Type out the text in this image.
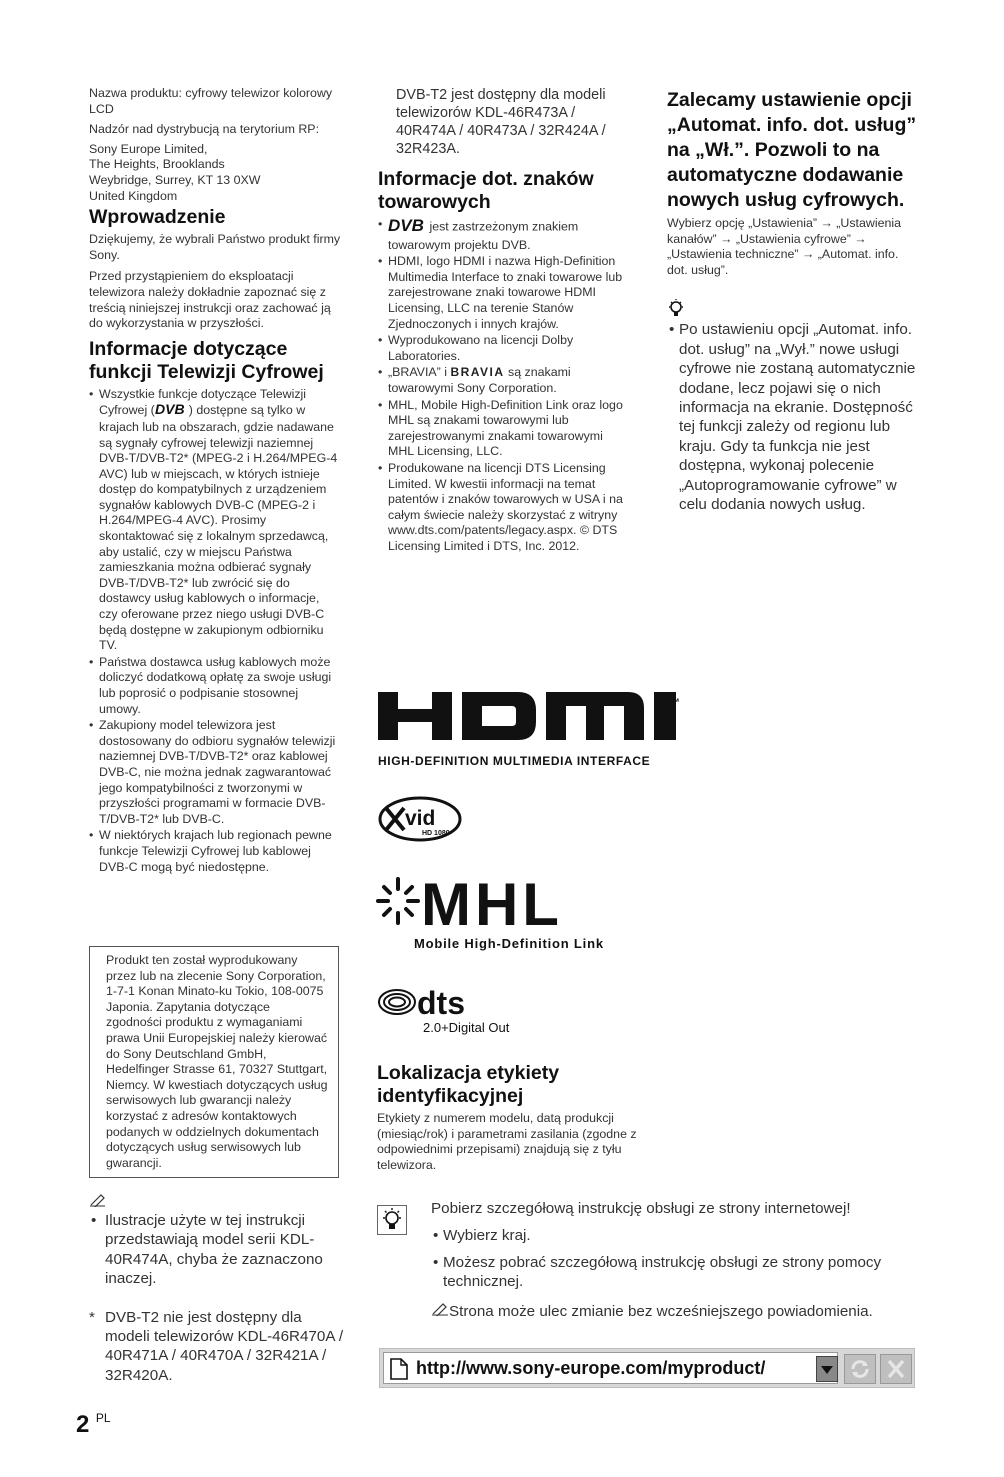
Nazwa produktu: cyfrowy telewizor kolorowy LCD

Nadzór nad dystrybucją na terytorium RP:

Sony Europe Limited,
The Heights, Brooklands
Weybridge, Surrey, KT 13 0XW
United Kingdom
Wprowadzenie

Dziękujemy, że wybrali Państwo produkt firmy Sony.

Przed przystąpieniem do eksploatacji telewizora należy dokładnie zapoznać się z treścią niniejszej instrukcji oraz zachować ją do wykorzystania w przyszłości.

Informacje dotyczące funkcji Telewizji Cyfrowej
• Wszystkie funkcje dotyczące Telewizji Cyfrowej ( DVB ) dostępne są tylko w krajach lub na obszarach, gdzie nadawane są sygnały cyfrowej telewizji naziemnej DVB-T/DVB-T2* (MPEG-2 i H.264/MPEG-4 AVC) lub w miejscach, w których istnieje dostęp do kompatybilnych z urządzeniem sygnałów kablowych DVB-C (MPEG-2 i H.264/MPEG-4 AVC). Prosimy skontaktować się z lokalnym sprzedawcą, aby ustalić, czy w miejscu Państwa zamieszkania można odbierać sygnały DVB-T/DVB-T2* lub zwrócić się do dostawcy usług kablowych o informacje, czy oferowane przez niego usługi DVB-C będą dostępne w zakupionym odbiorniku TV.
• Państwa dostawca usług kablowych może doliczyć dodatkową opłatę za swoje usługi lub poprosić o podpisanie stosownej umowy.
• Zakupiony model telewizora jest dostosowany do odbioru sygnałów telewizji naziemnej DVB-T/DVB-T2* oraz kablowej DVB-C, nie można jednak zagwarantować jego kompatybilności z tworzonymi w przyszłości programami w formacie DVB-T/DVB-T2* lub DVB-C.
• W niektórych krajach lub regionach pewne funkcje Telewizji Cyfrowej lub kablowej DVB-C mogą być niedostępne.

Produkt ten został wyprodukowany przez lub na zlecenie Sony Corporation, 1-7-1 Konan Minato-ku Tokio, 108-0075 Japonia. Zapytania dotyczące zgodności produktu z wymaganiami prawa Unii Europejskiej należy kierować do Sony Deutschland GmbH, Hedelfinger Strasse 61, 70327 Stuttgart, Niemcy. W kwestiach dotyczących usług serwisowych lub gwarancji należy korzystać z adresów kontaktowych podanych w oddzielnych dokumentach dotyczących usług serwisowych lub gwarancji.

• Ilustracje użyte w tej instrukcji przedstawiają model serii KDL-40R474A, chyba że zaznaczono inaczej.
* DVB-T2 nie jest dostępny dla modeli telewizorów KDL-46R470A / 40R471A / 40R470A / 32R421A / 32R420A.

DVB-T2 jest dostępny dla modeli telewizorów KDL-46R473A / 40R474A / 40R473A / 32R424A / 32R423A.

Informacje dot. znaków towarowych
• DVB jest zastrzeżonym znakiem towarowym projektu DVB.
• HDMI, logo HDMI i nazwa High-Definition Multimedia Interface to znaki towarowe lub zarejestrowane znaki towarowe HDMI Licensing, LLC na terenie Stanów Zjednoczonych i innych krajów.
• Wyprodukowano na licencji Dolby Laboratories.
• „BRAVIA” i BRAVIA są znakami towarowymi Sony Corporation.
• MHL, Mobile High-Definition Link oraz logo MHL są znakami towarowymi lub zarejestrowanymi znakami towarowymi MHL Licensing, LLC.
• Produkowane na licencji DTS Licensing Limited. W kwestii informacji na temat patentów i znaków towarowych w USA i na całym świecie należy skorzystać z witryny www.dts.com/patents/legacy.aspx. © DTS Licensing Limited i DTS, Inc. 2012.
™
HIGH-DEFINITION MULTIMEDIA INTERFACE
vid
HD 1080
MHL
Mobile High-Definition Link
dts
2.0+Digital Out
Lokalizacja etykiety identyfikacyjnej

Etykiety z numerem modelu, datą produkcji (miesiąc/rok) i parametrami zasilania (zgodne z odpowiednimi przepisami) znajdują się z tyłu telewizora.

Zalecamy ustawienie opcji „Automat. info. dot. usług” na „Wł.”. Pozwoli to na automatyczne dodawanie nowych usług cyfrowych.

Wybierz opcję „Ustawienia” → „Ustawienia kanałów” → „Ustawienia cyfrowe” → „Ustawienia techniczne” → „Automat. info. dot. usług”.

• Po ustawieniu opcji „Automat. info. dot. usług” na „Wył.” nowe usługi cyfrowe nie zostaną automatycznie dodane, lecz pojawi się o nich informacja na ekranie. Dostępność tej funkcji zależy od regionu lub kraju. Gdy ta funkcja nie jest dostępna, wykonaj polecenie „Autoprogramowanie cyfrowe” w celu dodania nowych usług.
Pobierz szczegółową instrukcję obsługi ze strony internetowej!
• Wybierz kraj.
• Możesz pobrać szczegółową instrukcję obsługi ze strony pomocy technicznej.
Strona może ulec zmianie bez wcześniejszego powiadomienia.
http://www.sony-europe.com/myproduct/
2 $^{PL}$
